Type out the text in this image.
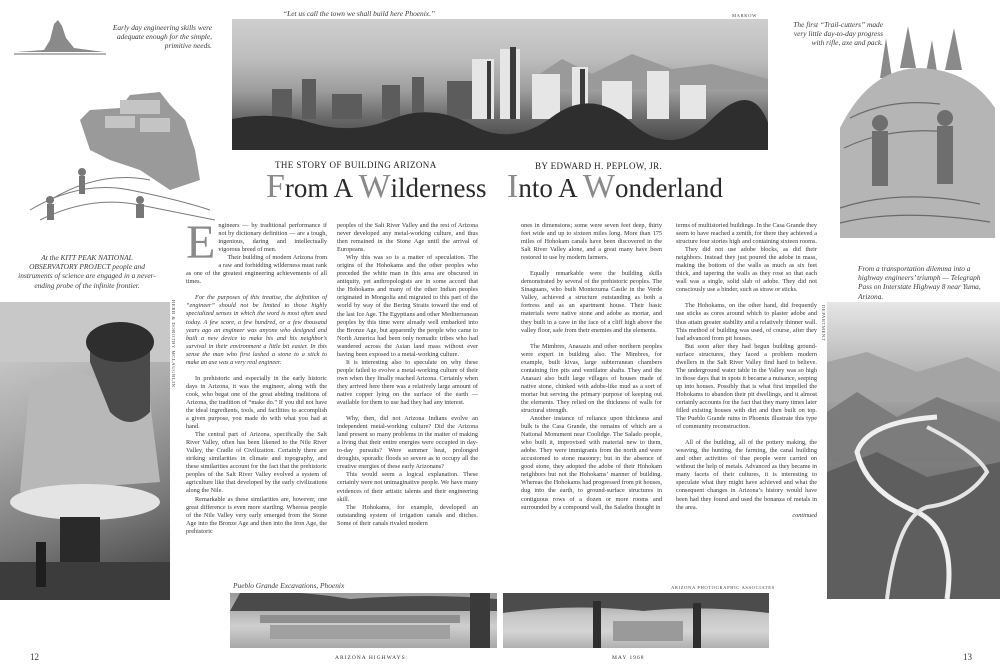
Early day engineering skills were adequate enough for the simple, primitive needs.
“Let us call the town we shall build here Phoenix.”	MARKOW
The first “Trail-cutters” made very little day-to-day progress with rifle, axe and pack.
At the KITT PEAK NATIONAL OBSERVATORY PROJECT people and instruments of science are engaged in a never-ending probe of the infinite frontier.
HERB & DOROTHY MCLAUGHLIN
THE STORY OF BUILDING ARIZONA	BY EDWARD H. PEPLOW, JR.
From A Wilderness Into A Wonderland
E ngineers — by traditional performance if not by dictionary definition — are a tough, ingenious, daring and intellectually vigorous breed of men.

Their building of modern Arizona from a raw and forbidding wilderness must rank as one of the greatest engineering achievements of all times.

For the purposes of this treatise, the definition of “engineer” should not be limited to those highly specialized senses in which the word is most often used today. A few score, a few hundred, or a few thousand years ago an engineer was anyone who designed and built a new device to make his and his neighbor’s survival in their environment a little bit easier. In this sense the man who first lashed a stone to a stick to make an axe was a very real engineer.

In prehistoric and especially in the early historic days in Arizona, it was the engineer, along with the cook, who begat one of the great abiding traditions of Arizona, the tradition of “make do.” If you did not have the ideal ingredients, tools, and facilities to accomplish a given purpose, you made do with what you had at hand.

The central part of Arizona, specifically the Salt River Valley, often has been likened to the Nile River Valley, the Cradle of Civilization. Certainly there are striking similarities in climate and topography, and these similarities account for the fact that the prehistoric peoples of the Salt River Valley evolved a system of agriculture like that developed by the early civilizations along the Nile.

Remarkable as these similarities are, however, one great difference is even more startling. Whereas people of the Nile Valley very early emerged from the Stone Age into the Bronze Age and then into the Iron Age, the prehistoric

peoples of the Salt River Valley and the rest of Arizona never developed any metal-working culture, and thus then remained in the Stone Age until the arrival of Europeans.

Why this was so is a matter of speculation. The origins of the Hohokams and the other peoples who preceded the white man in this area are obscured in antiquity, yet anthropologists are in some accord that the Hohokams and many of the other Indian peoples originated in Mongolia and migrated to this part of the world by way of the Bering Straits toward the end of the last Ice Age. The Egyptians and other Mediterranean peoples by this time were already well embarked into the Bronze Age, but apparently the people who came to North America had been only nomadic tribes who had wandered across the Asian land mass without ever having been exposed to a metal-working culture.

It is interesting also to speculate on why these people failed to evolve a metal-working culture of their own when they finally reached Arizona. Certainly when they arrived here there was a relatively large amount of native copper lying on the surface of the earth — available for them to use had they had any interest.

Why, then, did not Arizona Indians evolve an independent metal-working culture? Did the Arizona land present so many problems in the matter of making a living that their entire energies were occupied in day-to-day pursuits? Were summer heat, prolonged droughts, sporadic floods so severe as to occupy all the creative energies of these early Arizonans?

This would seem a logical explanation. These certainly were not unimaginative people. We have many evidences of their artistic talents and their engineering skill.

The Hohokams, for example, developed an outstanding system of irrigation canals and ditches. Some of their canals rivaled modern

ones in dimensions; some were seven feet deep, thirty feet wide and up to sixteen miles long. More than 175 miles of Hohokam canals have been discovered in the Salt River Valley alone, and a great many have been restored to use by modern farmers.

Equally remarkable were the building skills demonstrated by several of the prehistoric peoples. The Sinaguans, who built Montezuma Castle in the Verde Valley, achieved a structure outstanding as both a fortress and as an apartment house. Their basic materials were native stone and adobe as mortar, and they built in a cave in the face of a cliff high above the valley floor, safe from their enemies and the elements.

The Mimbres, Anasazis and other northern peoples were expert in building also. The Mimbres, for example, built kivas, large subterranean chambers containing fire pits and ventilator shafts. They and the Anasazi also built large villages of houses made of native stone, chinked with adobe-like mud as a sort of mortar but serving the primary purpose of keeping out the elements. They relied on the thickness of walls for structural strength.

Another instance of reliance upon thickness and bulk is the Casa Grande, the remains of which are a National Monument near Coolidge. The Salado people, who built it, improvised with material new to them, adobe. They were immigrants from the north and were accustomed to stone masonry; but in the absence of good stone, they adopted the adobe of their Hohokam neighbors but not the Hohokams’ manner of building. Whereas the Hohokams had progressed from pit houses, dug into the earth, to ground-surface structures in contiguous rows of a dozen or more rooms and surrounded by a compound wall, the Salados thought in

terms of multistoried buildings. In the Casa Grande they seem to have reached a zenith, for there they achieved a structure four stories high and containing sixteen rooms.

They did not use adobe blocks, as did their neighbors. Instead they just poured the adobe in mass, making the bottom of the walls as much as six feet thick, and tapering the walls as they rose so that each wall was a single, solid slab of adobe. They did not consciously use a binder, such as straw or sticks.

The Hohokams, on the other hand, did frequently use sticks as cores around which to plaster adobe and thus attain greater stability and a relatively thinner wall. This method of building was used, of course, after they had advanced from pit houses.

But soon after they had begun building ground-surface structures, they faced a problem modern dwellers in the Salt River Valley find hard to believe. The underground water table in the Valley was so high in those days that in spots it became a nuisance, seeping up into houses. Possibly that is what first impelled the Hohokams to abandon their pit dwellings, and it almost certainly accounts for the fact that they many times later filled existing houses with dirt and then built on top. The Pueblo Grande ruins in Phoenix illustrate this type of community reconstruction.

All of the building, all of the pottery making, the weaving, the hunting, the farming, the canal building and other activities of thse people were carried on without the help of metals. Advanced as they became in many facets of their cultures, it is interesting to speculate what they might have achieved and what the consequent changes in Arizona’s history would have been had they found and used the bonanza of metals in the area.

continued

From a transportation dilemma into a highway engineers’ triumph — Telegraph Pass on Interstate Highway 8 near Yuma, Arizona.
DEPARTMENT
Pueblo Grande Excavations, Phoenix	ARIZONA PHOTOGRAPHIC ASSOCIATES
12	ARIZONA HIGHWAYS	MAY 1968	13
